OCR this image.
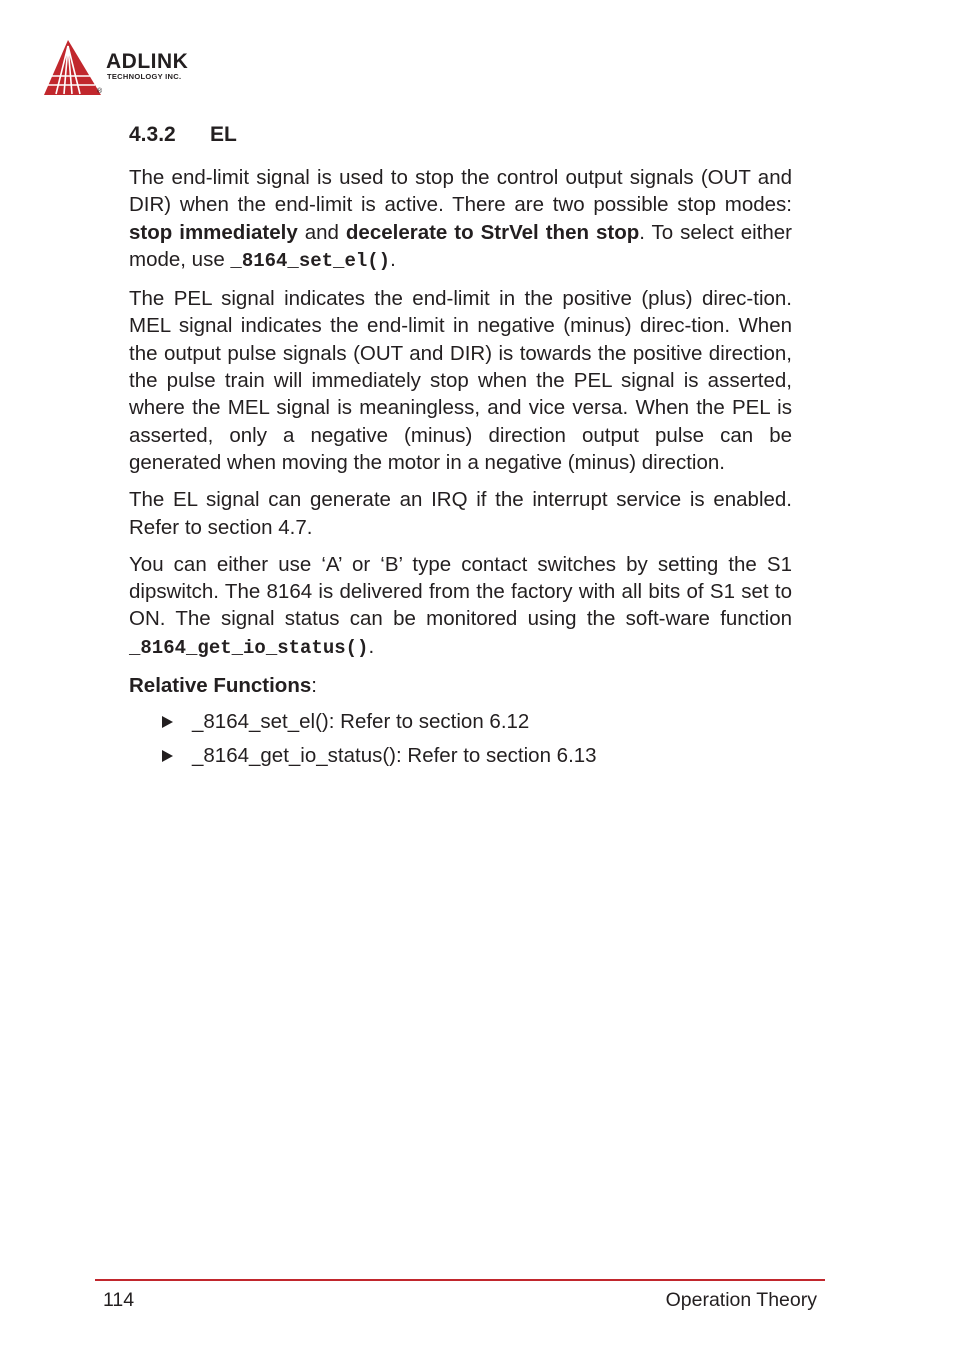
ADLINK
TECHNOLOGY INC.
®
4.3.2 EL

The end-limit signal is used to stop the control output signals (OUT and DIR) when the end-limit is active. There are two possible stop modes: stop immediately and decelerate to StrVel then stop. To select either mode, use _8164_set_el().

The PEL signal indicates the end-limit in the positive (plus) direc-tion. MEL signal indicates the end-limit in negative (minus) direc-tion. When the output pulse signals (OUT and DIR) is towards the positive direction, the pulse train will immediately stop when the PEL signal is asserted, where the MEL signal is meaningless, and vice versa. When the PEL is asserted, only a negative (minus) direction output pulse can be generated when moving the motor in a negative (minus) direction.

The EL signal can generate an IRQ if the interrupt service is enabled. Refer to section 4.7.

You can either use ‘A’ or ‘B’ type contact switches by setting the S1 dipswitch. The 8164 is delivered from the factory with all bits of S1 set to ON. The signal status can be monitored using the soft-ware function _8164_get_io_status().

Relative Functions:

_8164_set_el(): Refer to section 6.12
_8164_get_io_status(): Refer to section 6.13
114	Operation Theory
